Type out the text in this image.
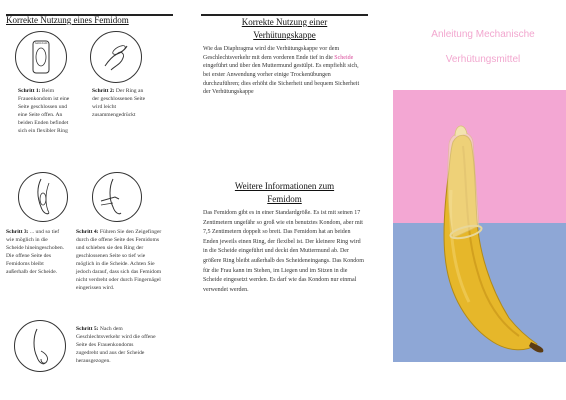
Korrekte Nutzung eines Femidom
femidom
Schritt 1: Beim Frauenkondom ist eine Seite geschlossen und eine Seite offen. An beiden Enden befindet sich ein flexibler Ring
Schritt 2: Der Ring an der geschlossenen Seite wird leicht zusammengedrückt
Schritt 3: ... und so tief wie möglich in die Scheide hineingeschoben. Die offene Seite des Femidoms bleibt außerhalb der Scheide.
Schritt 4: Führen Sie den Zeigefinger durch die offene Seite des Femidoms und schieben sie den Ring der geschlossenen Seite so tief wie möglich in die Scheide. Achten Sie jedoch darauf, dass sich das Femidom nicht verdreht oder durch Fingernägel eingerissen wird.
Schritt 5: Nach dem Geschlechtsverkehr wird die offene Seite des Frauenkondoms zugedreht und aus der Scheide herausgezogen.
Korrekte Nutzung einer
Verhütungskappe
Wie das Diaphragma wird die Verhütungskappe vor dem Geschlechtsverkehr mit dem vorderen Ende tief in die Scheide eingeführt und über den Muttermund gestülpt. Es empfiehlt sich, bei erster Anwendung vorher einige Trockenübungen durchzuführen; dies erhöht die Sicherheit und bequem Sicherheit der Verhütungskappe
Weitere Informationen zum
Femidom
Das Femidom gibt es in einer Standardgröße. Es ist mit seinen 17 Zentimetern ungefähr so groß wie ein benutztes Kondom, aber mit 7,5 Zentimetern doppelt so breit. Das Femidom hat an beiden Enden jeweils einen Ring, der flexibel ist. Der kleinere Ring wird in die Scheide eingeführt und deckt den Muttermund ab. Der größere Ring bleibt außerhalb des Scheideneingangs. Das Kondom für die Frau kann im Stehen, im Liegen und im Sitzen in die Scheide eingesetzt werden. Es darf wie das Kondom nur einmal verwendet werden.
Anleitung Mechanische
Verhütungsmittel
